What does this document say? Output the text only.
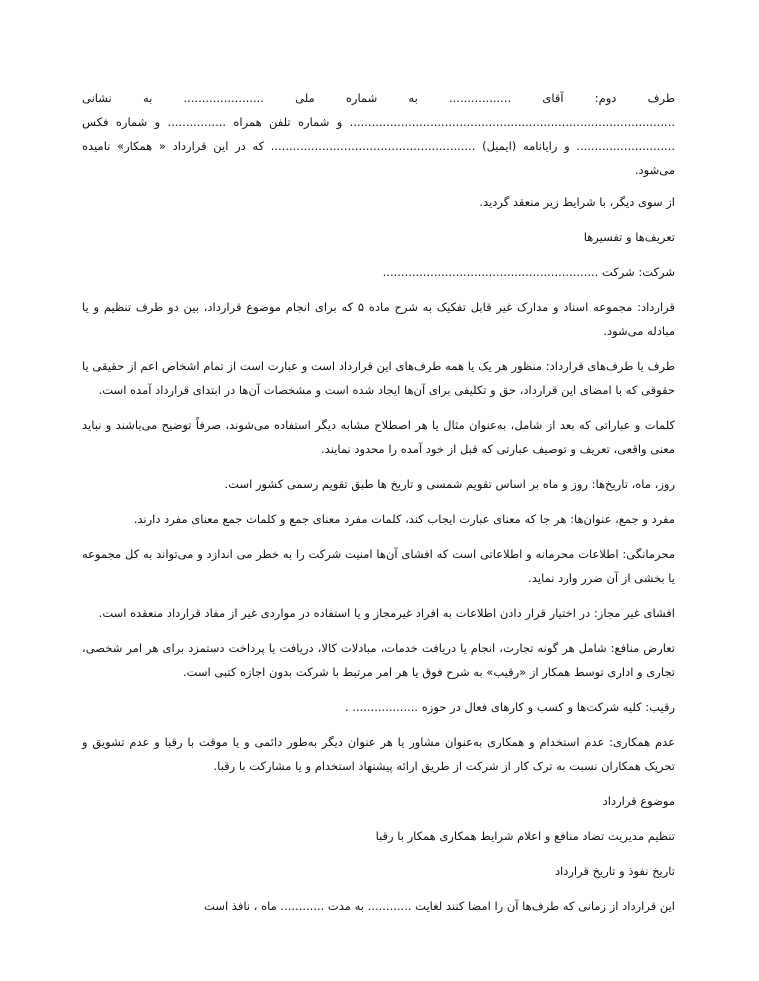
طرف دوم: آقای ................. به شماره ملی ...................... به نشانی ......................................................................................... و شماره تلفن همراه ................ و شماره فکس ........................... و رایانامه (ایمیل) ........................................................ که در این قرارداد « همکار» نامیده می‌شود.

از سوی دیگر، با شرایط زیر منعقد گردید.

تعریف‌ها و تفسیرها

شرکت: شرکت ...........................................................

قرارداد: مجموعه اسناد و مدارک غیر قابل تفکیک به شرح ماده ۵ که برای انجام موضوع قرارداد، بین دو طرف تنظیم و یا مبادله می‌شود.

طرف یا طرف‌های قرارداد: منظور هر یک یا همه طرف‌های این قرارداد است و عبارت است از تمام اشخاص اعم از حقیقی یا حقوقی که با امضای این قرارداد، حق و تکلیفی برای آن‌ها ایجاد شده است و مشخصات آن‌ها در ابتدای قرارداد آمده است.

کلمات و عباراتی که بعد از شامل، به‌عنوان مثال یا هر اصطلاح مشابه دیگر استفاده می‌شوند، صرفاً توضیح می‌باشند و نباید معنی واقعی، تعریف و توصیف عبارتی که قبل از خود آمده را محدود نمایند.

روز، ماه، تاریخ‌ها: روز و ماه بر اساس تقویم شمسی و تاریخ ها طبق تقویم رسمی کشور است.

مفرد و جمع، عنوان‌ها: هر جا که معنای عبارت ایجاب کند، کلمات مفرد معنای جمع و کلمات جمع معنای مفرد دارند.

محرمانگی: اطلاعات محرمانه و اطلاعاتی است که افشای آن‌ها امنیت شرکت را به خطر می اندازد و می‌تواند به کل مجموعه یا بخشی از آن ضرر وارد نماید.

افشای غیر مجاز: در اختیار قرار دادن اطلاعات به افراد غیرمجاز و یا استفاده در مواردی غیر از مفاد قرارداد منعقده است.

تعارض منافع: شامل هر گونه تجارت، انجام یا دریافت خدمات، مبادلات کالا، دریافت یا پرداخت دستمزد برای هر امر شخصی، تجاری و اداری توسط همکار از «رقیب» به شرح فوق یا هر امر مرتبط با شرکت بدون اجازه کتبی است.

رقیب: کلیه شرکت‌ها و کسب و کارهای فعال در حوزه .................. .

عدم همکاری: عدم استخدام و همکاری به‌عنوان مشاور یا هر عنوان دیگر به‌طور دائمی و یا موقت با رقبا و عدم تشویق و تحریک همکاران نسبت به ترک کار از شرکت از طریق ارائه پیشنهاد استخدام و یا مشارکت با رقبا.

موضوع قرارداد

تنظیم مدیریت تضاد منافع و اعلام شرایط همکاری همکار با رقبا

تاریخ نفوذ و تاریخ قرارداد

این قرارداد از زمانی که طرف‌ها آن را امضا کنند لغایت ............ به مدت ............ ماه ، نافذ است
